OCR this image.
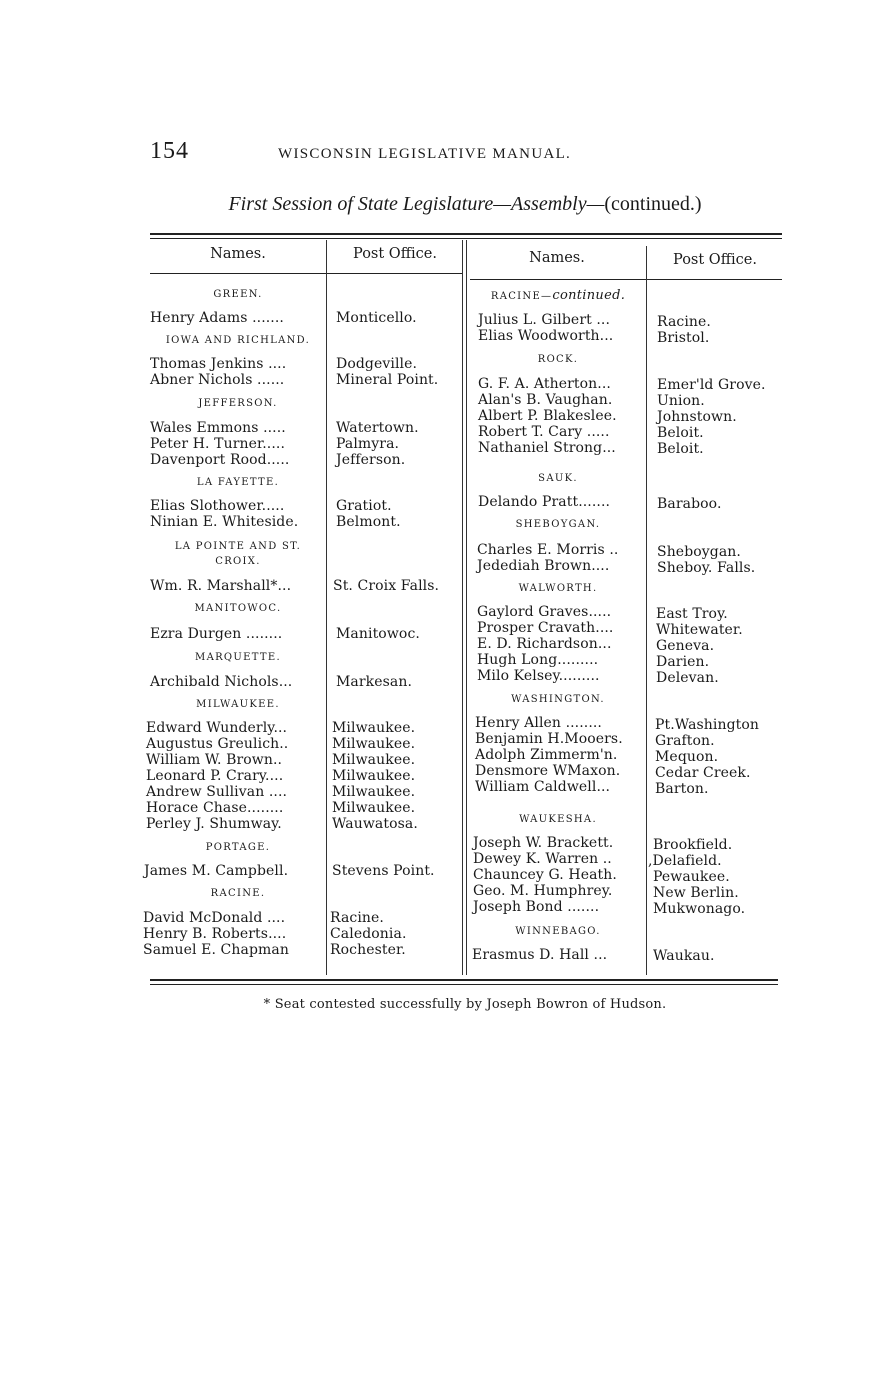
154	WISCONSIN LEGISLATIVE MANUAL.
First Session of State Legislature—Assembly—(continued.)
Names.	Post Office.	Names.	Post Office.
GREEN.
Henry Adams .......	Monticello.
IOWA AND RICHLAND.
Thomas Jenkins ....	Dodgeville.
Abner Nichols ......	Mineral Point.
JEFFERSON.
Wales Emmons .....	Watertown.
Peter H. Turner.....	Palmyra.
Davenport Rood.....	Jefferson.
LA FAYETTE.
Elias Slothower.....	Gratiot.
Ninian E. Whiteside.	Belmont.
LA POINTE AND ST.
CROIX.
Wm. R. Marshall*...	St. Croix Falls.
MANITOWOC.
Ezra Durgen ........	Manitowoc.
MARQUETTE.
Archibald Nichols...	Markesan.
MILWAUKEE.
Edward Wunderly...	Milwaukee.
Augustus Greulich..	Milwaukee.
William W. Brown..	Milwaukee.
Leonard P. Crary....	Milwaukee.
Andrew Sullivan ....	Milwaukee.
Horace Chase........	Milwaukee.
Perley J. Shumway.	Wauwatosa.
PORTAGE.
James M. Campbell.	Stevens Point.
RACINE.
David McDonald ....	Racine.
Henry B. Roberts....	Caledonia.
Samuel E. Chapman	Rochester.
RACINE—continued.
Julius L. Gilbert ...	Racine.
Elias Woodworth...	Bristol.
ROCK.
G. F. A. Atherton...	Emer'ld Grove.
Alan's B. Vaughan.	Union.
Albert P. Blakeslee.	Johnstown.
Robert T. Cary .....	Beloit.
Nathaniel Strong...	Beloit.
SAUK.
Delando Pratt.......	Baraboo.
SHEBOYGAN.
Charles E. Morris ..	Sheboygan.
Jedediah Brown....	Sheboy. Falls.
WALWORTH.
Gaylord Graves.....	East Troy.
Prosper Cravath....	Whitewater.
E. D. Richardson...	Geneva.
Hugh Long.........	Darien.
Milo Kelsey.........	Delevan.
WASHINGTON.
Henry Allen ........	Pt.Washington
Benjamin H.Mooers. Grafton.
Adolph Zimmerm'n.	Mequon.
Densmore WMaxon. Cedar Creek.
William Caldwell...	Barton.
WAUKESHA.
Joseph W. Brackett.	Brookfield.
Dewey K. Warren ..	,Delafield.
Chauncey G. Heath.	Pewaukee.
Geo. M. Humphrey.	New Berlin.
Joseph Bond .......	Mukwonago.
WINNEBAGO.
Erasmus D. Hall ...	Waukau.
* Seat contested successfully by Joseph Bowron of Hudson.
